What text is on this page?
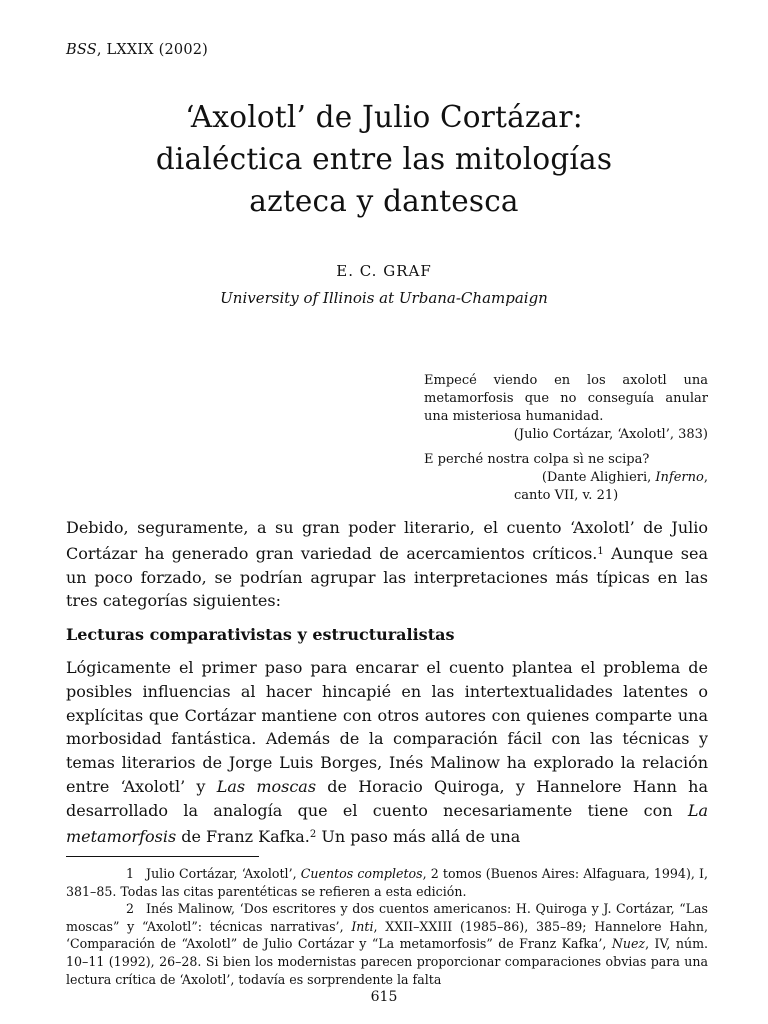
BSS, LXXIX (2002)
‘Axolotl’ de Julio Cortázar:
dialéctica entre las mitologías
azteca y dantesca
E. C. GRAF
University of Illinois at Urbana-Champaign
Empecé viendo en los axolotl una metamorfosis que no conseguía anular una misteriosa humanidad.
(Julio Cortázar, ‘Axolotl’, 383)
E perché nostra colpa sì ne scipa?
(Dante Alighieri, Inferno,
canto VII, v. 21)
Debido, seguramente, a su gran poder literario, el cuento ‘Axolotl’ de Julio Cortázar ha generado gran variedad de acercamientos críticos.$^1$ Aunque sea un poco forzado, se podrían agrupar las interpretaciones más típicas en las tres categorías siguientes:
Lecturas comparativistas y estructuralistas
Lógicamente el primer paso para encarar el cuento plantea el problema de posibles influencias al hacer hincapié en las intertextualidades latentes o explícitas que Cortázar mantiene con otros autores con quienes comparte una morbosidad fantástica. Además de la comparación fácil con las técnicas y temas literarios de Jorge Luis Borges, Inés Malinow ha explorado la relación entre ‘Axolotl’ y Las moscas de Horacio Quiroga, y Hannelore Hann ha desarrollado la analogía que el cuento necesariamente tiene con La metamorfosis de Franz Kafka.$^2$ Un paso más allá de una

1 Julio Cortázar, ‘Axolotl’, Cuentos completos, 2 tomos (Buenos Aires: Alfaguara, 1994), I, 381–85. Todas las citas parentéticas se refieren a esta edición.

2 Inés Malinow, ‘Dos escritores y dos cuentos americanos: H. Quiroga y J. Cortázar, “Las moscas” y “Axolotl”: técnicas narrativas’, Inti, XXII–XXIII (1985–86), 385–89; Hannelore Hahn, ‘Comparación de “Axolotl” de Julio Cortázar y “La metamorfosis” de Franz Kafka’, Nuez, IV, núm. 10–11 (1992), 26–28. Si bien los modernistas parecen proporcionar comparaciones obvias para una lectura crítica de ‘Axolotl’, todavía es sorprendente la falta

615
